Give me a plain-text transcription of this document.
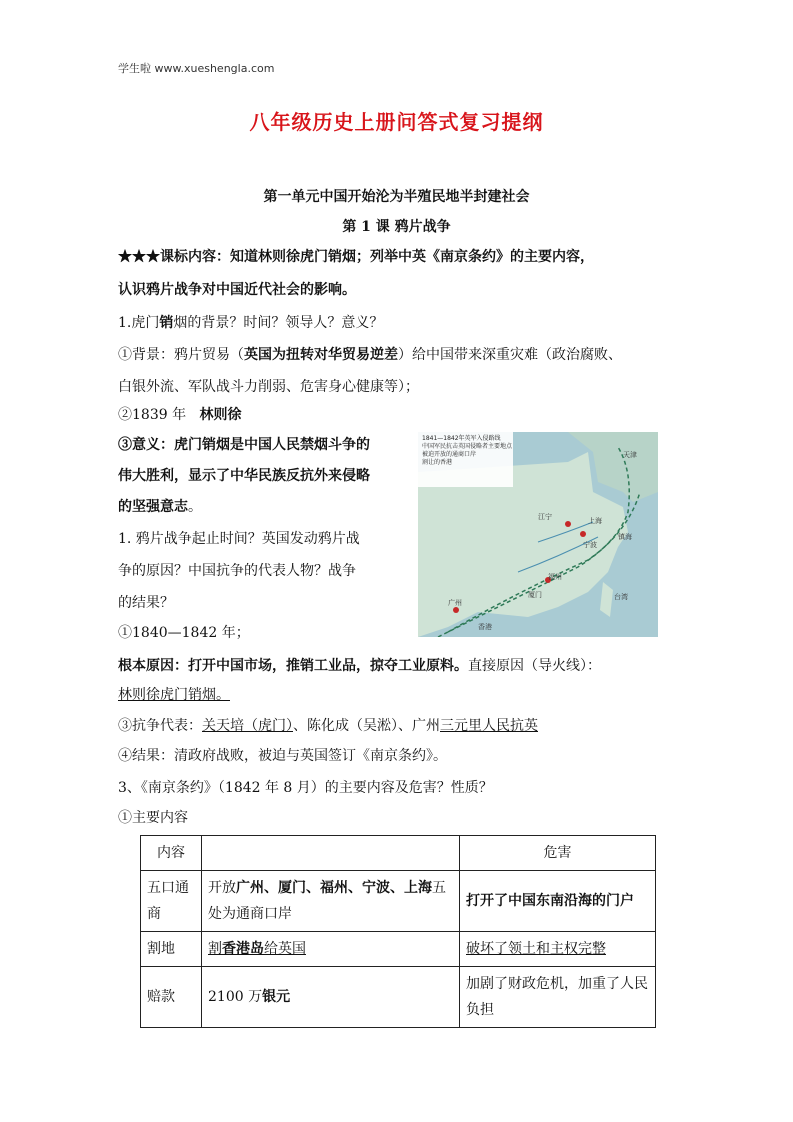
学生啦 www.xueshengla.com
八年级历史上册问答式复习提纲
第一单元中国开始沦为半殖民地半封建社会
第 1 课 鸦片战争
★★★课标内容：知道林则徐虎门销烟；列举中英《南京条约》的主要内容，
认识鸦片战争对中国近代社会的影响。
1.虎门销烟的背景？时间？领导人？意义？
①背景：鸦片贸易（英国为扭转对华贸易逆差）给中国带来深重灾难（政治腐败、
白银外流、军队战斗力削弱、危害身心健康等）；
②1839 年 林则徐
③意义：虎门销烟是中国人民禁烟斗争的
伟大胜利，显示了中华民族反抗外来侵略
的坚强意志。
1. 鸦片战争起止时间？英国发动鸦片战
争的原因？中国抗争的代表人物？战争
的结果？
①1840—1842 年；
根本原因：打开中国市场，推销工业品，掠夺工业原料。直接原因（导火线）：
林则徐虎门销烟。
③抗争代表：关天培（虎门）、陈化成（吴淞）、广州三元里人民抗英
④结果：清政府战败，被迫与英国签订《南京条约》。
3、《南京条约》（1842 年 8 月）的主要内容及危害？性质？
①主要内容
1841—1842年英军入侵路线
中国军民抗击英国侵略者主要地点
被迫开放的通商口岸
割让的香港
天津
江宁	上海
宁波
镇海
福州
厦门
广州
香港
台湾
内容		危害
五口通商	开放广州、厦门、福州、宁波、上海五处为通商口岸	打开了中国东南沿海的门户
割地	割香港岛给英国	破坏了领土和主权完整
赔款	2100 万银元	加剧了财政危机，加重了人民负担
